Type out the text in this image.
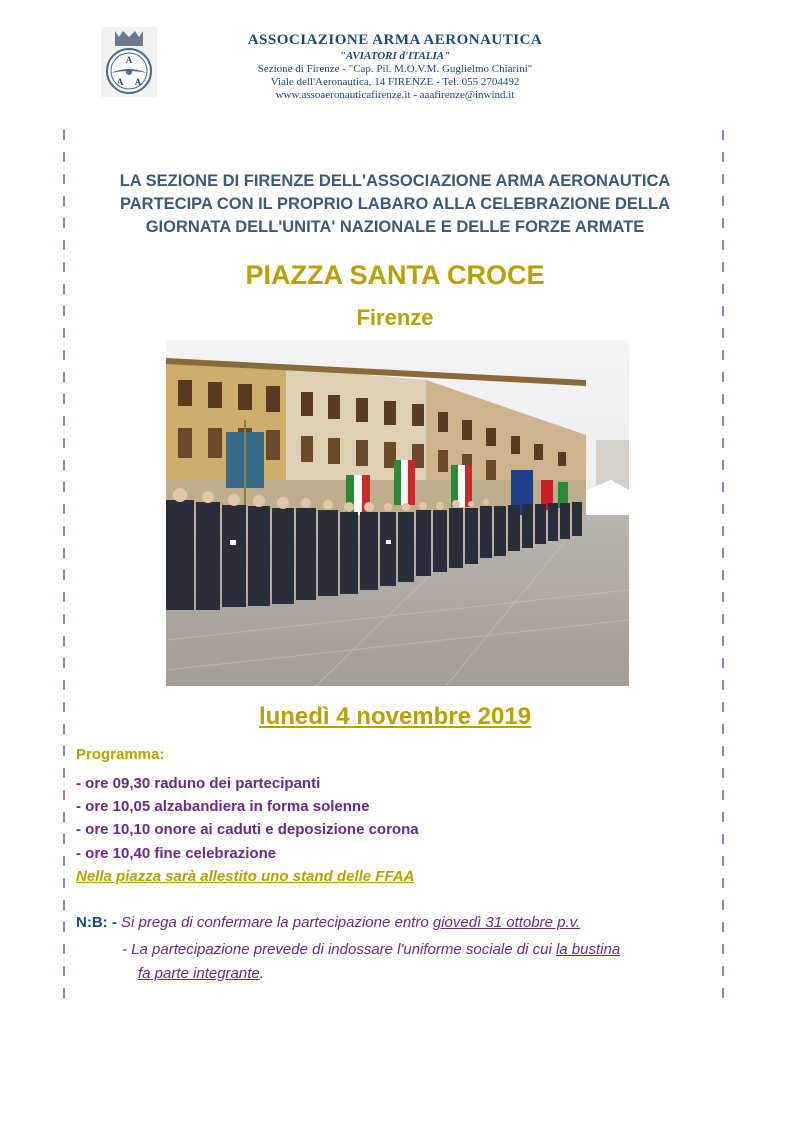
A
A A
ASSOCIAZIONE ARMA AERONAUTICA
"AVIATORI d'ITALIA"
Sezione di Firenze - "Cap. Pil. M.O.V.M. Guglielmo Chiarini"
Viale dell'Aeronautica, 14 FIRENZE - Tel. 055 2704492
www.assoaeronauticafirenze.it - aaafirenze@inwind.it
LA SEZIONE DI FIRENZE DELL'ASSOCIAZIONE ARMA AERONAUTICA
PARTECIPA CON IL PROPRIO LABARO ALLA CELEBRAZIONE DELLA
GIORNATA DELL'UNITA' NAZIONALE E DELLE FORZE ARMATE
PIAZZA SANTA CROCE
Firenze
lunedì 4 novembre 2019
Programma:
- ore 09,30 raduno dei partecipanti
- ore 10,05 alzabandiera in forma solenne
- ore 10,10 onore ai caduti e deposizione corona
- ore 10,40 fine celebrazione
Nella piazza sarà allestito uno stand delle FFAA
N:B: - Si prega di confermare la partecipazione entro giovedì 31 ottobre p.v.
- La partecipazione prevede di indossare l'uniforme sociale di cui la bustina
fa parte integrante.
